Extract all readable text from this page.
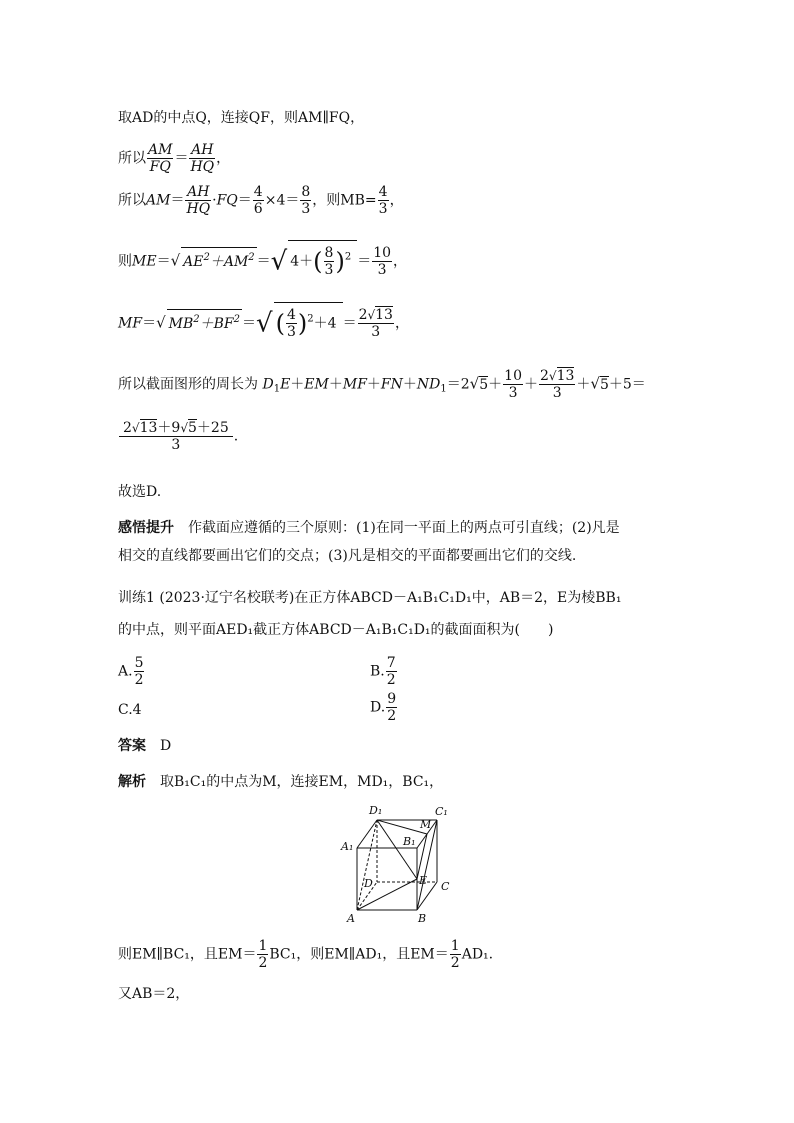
取AD的中点Q，连接QF，则AM∥FQ，
所以 $\frac{AM}{FQ} = \frac{AH}{HQ}$ ，
所以$AM= \frac{AH}{HQ} \cdot FQ= \frac{4}{6} \times 4= \frac{8}{3}$ ，则$MB= \frac{4}{3}$ ，
则ME＝√ $AE^2+AM^2$ ＝√ $4+( \frac{8}{3} )^2 = \frac{10}{3}$ ，
MF＝√ $MB^2+BF^2$ ＝√ ( $\frac{4}{3} )^2+4 = \frac{2√13}{3}$ ，
所以截面图形的周长为 $D_1E+EM+MF+FN+ND_1=2√5+ \frac{10}{3} + \frac{2√13}{3} +√5+5=$
$\frac{2√13+9√5+25}{3}$ .
故选D.
感悟提升　 作截面应遵循的三个原则：(1)在同一平面上的两点可引直线；(2)凡是
相交的直线都要画出它们的交点；(3)凡是相交的平面都要画出它们的交线.
训练1 (2023·辽宁名校联考)在正方体ABCD－A₁B₁C₁D₁中，AB＝2，E为棱BB₁
的中点，则平面AED₁截正方体ABCD－A₁B₁C₁D₁的截面面积为(　　)
A. $\frac{5}{2}$	B. $\frac{7}{2}$
C.4	D. $\frac{9}{2}$
答案　 D
解析　 取B₁C₁的中点为M，连接EM，MD₁，BC₁，
D₁	C₁
M
A₁	B₁
D	E C
A	B
则EM∥BC₁，且$EM= \frac{1}{2} BC_1$，则EM∥AD₁，且$EM= \frac{1}{2} AD_1$.
又AB＝2，
